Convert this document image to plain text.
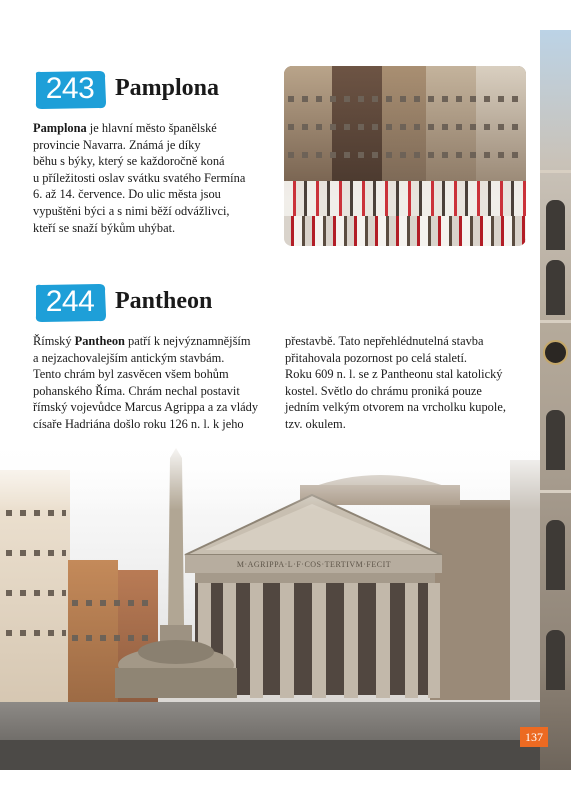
243 Pamplona
Pamplona je hlavní město španělské
provincie Navarra. Známá je díky
běhu s býky, který se každoročně koná
u příležitosti oslav svátku svatého Fermína
6. až 14. července. Do ulic města jsou
vypuštěni býci a s nimi běží odvážlivci,
kteří se snaží býkům uhýbat.
244 Pantheon
Římský Pantheon patří k nejvýznamnějším
a nejzachovalejším antickým stavbám.
Tento chrám byl zasvěcen všem bohům
pohanského Říma. Chrám nechal postavit
římský vojevůdce Marcus Agrippa a za vlády
císaře Hadriána došlo roku 126 n. l. k jeho
přestavbě. Tato nepřehlédnutelná stavba
přitahovala pozornost po celá staletí.
Roku 609 n. l. se z Pantheonu stal katolický
kostel. Světlo do chrámu proniká pouze
jedním velkým otvorem na vrcholku kupole,
tzv. okulem.
M·AGRIPPA·L·F·COS·TERTIVM·FECIT
137
